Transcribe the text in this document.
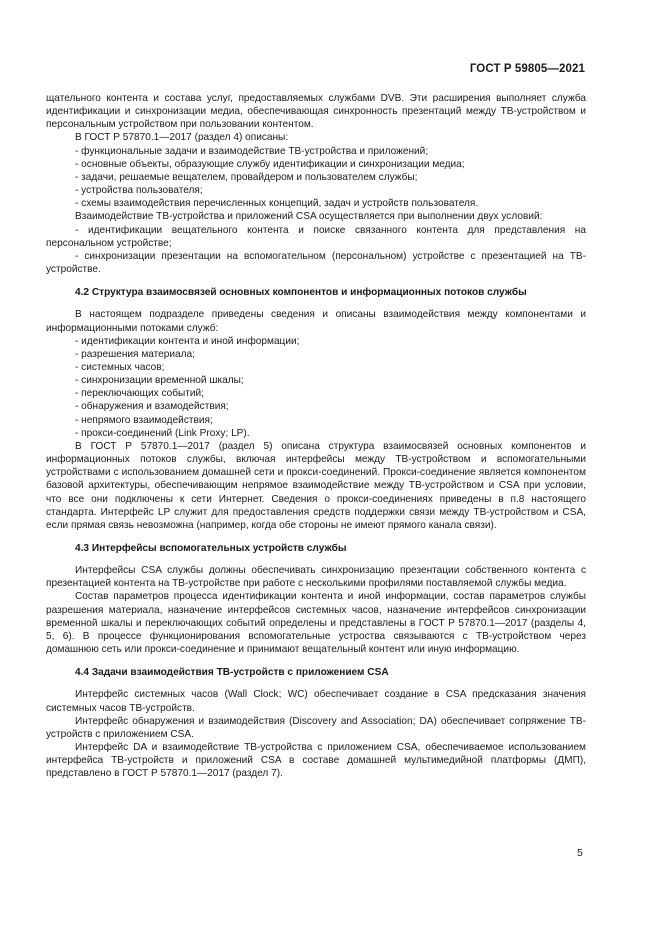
ГОСТ Р 59805—2021

щательного контента и состава услуг, предоставляемых службами DVB. Эти расширения выполняет служба идентификации и синхронизации медиа, обеспечивающая синхронность презентаций между ТВ-устройством и персональным устройством при пользовании контентом.

В ГОСТ Р 57870.1—2017 (раздел 4) описаны:

- функциональные задачи и взаимодействие ТВ-устройства и приложений;

- основные объекты, образующие службу идентификации и синхронизации медиа;

- задачи, решаемые вещателем, провайдером и пользователем службы;

- устройства пользователя;

- схемы взаимодействия перечисленных концепций, задач и устройств пользователя.

Взаимодействие ТВ-устройства и приложений CSA осуществляется при выполнении двух условий:

- идентификации вещательного контента и поиске связанного контента для представления на персональном устройстве;

- синхронизации презентации на вспомогательном (персональном) устройстве с презентацией на ТВ-устройстве.

4.2 Структура взаимосвязей основных компонентов и информационных потоков службы

В настоящем подразделе приведены сведения и описаны взаимодействия между компонентами и информационными потоками служб:

- идентификации контента и иной информации;

- разрешения материала;

- системных часов;

- синхронизации временной шкалы;

- переключающих событий;

- обнаружения и взамодействия;

- непрямого взаимодействия;

- прокси-соединений (Link Proxy; LP).

В ГОСТ Р 57870.1—2017 (раздел 5) описана структура взаимосвязей основных компонентов и информационных потоков службы, включая интерфейсы между ТВ-устройством и вспомогательными устройствами с использованием домашней сети и прокси-соединений. Прокси-соединение является компонентом базовой архитектуры, обеспечивающим непрямое взаимодействие между ТВ-устройством и CSA при условии, что все они подключены к сети Интернет. Сведения о прокси-соединениях приведены в п.8 настоящего стандарта. Интерфейс LP служит для предоставления средств поддержки связи между ТВ-устройством и CSA, если прямая связь невозможна (например, когда обе стороны не имеют прямого канала связи).

4.3 Интерфейсы вспомогательных устройств службы

Интерфейсы CSA службы должны обеспечивать синхронизацию презентации собственного контента с презентацией контента на ТВ-устройстве при работе с несколькими профилями поставляемой службы медиа.

Состав параметров процесса идентификации контента и иной информации, состав параметров службы разрешения материала, назначение интерфейсов системных часов, назначение интерфейсов синхронизации временной шкалы и переключающих событий определены и представлены в ГОСТ Р 57870.1—2017 (разделы 4, 5, 6). В процессе функционирования вспомогательные устроства связываются с ТВ-устройством через домашнюю сеть или прокси-соединение и принимают вещательный контент или иную информацию.

4.4 Задачи взаимодействия ТВ-устройств с приложением CSA

Интерфейс системных часов (Wall Clock; WC) обеспечивает создание в CSA предсказания значения системных часов ТВ-устройств.

Интерфейс обнаружения и взаимодействия (Discovery and Association; DA) обеспечивает сопряжение ТВ-устройств с приложением CSA.

Интерфейс DA и взаимодействие ТВ-устройства с приложением CSA, обеспечиваемое использованием интерфейса ТВ-устройств и приложений CSA в составе домашней мультимедийной платформы (ДМП), представлено в ГОСТ Р 57870.1—2017 (раздел 7).

5
